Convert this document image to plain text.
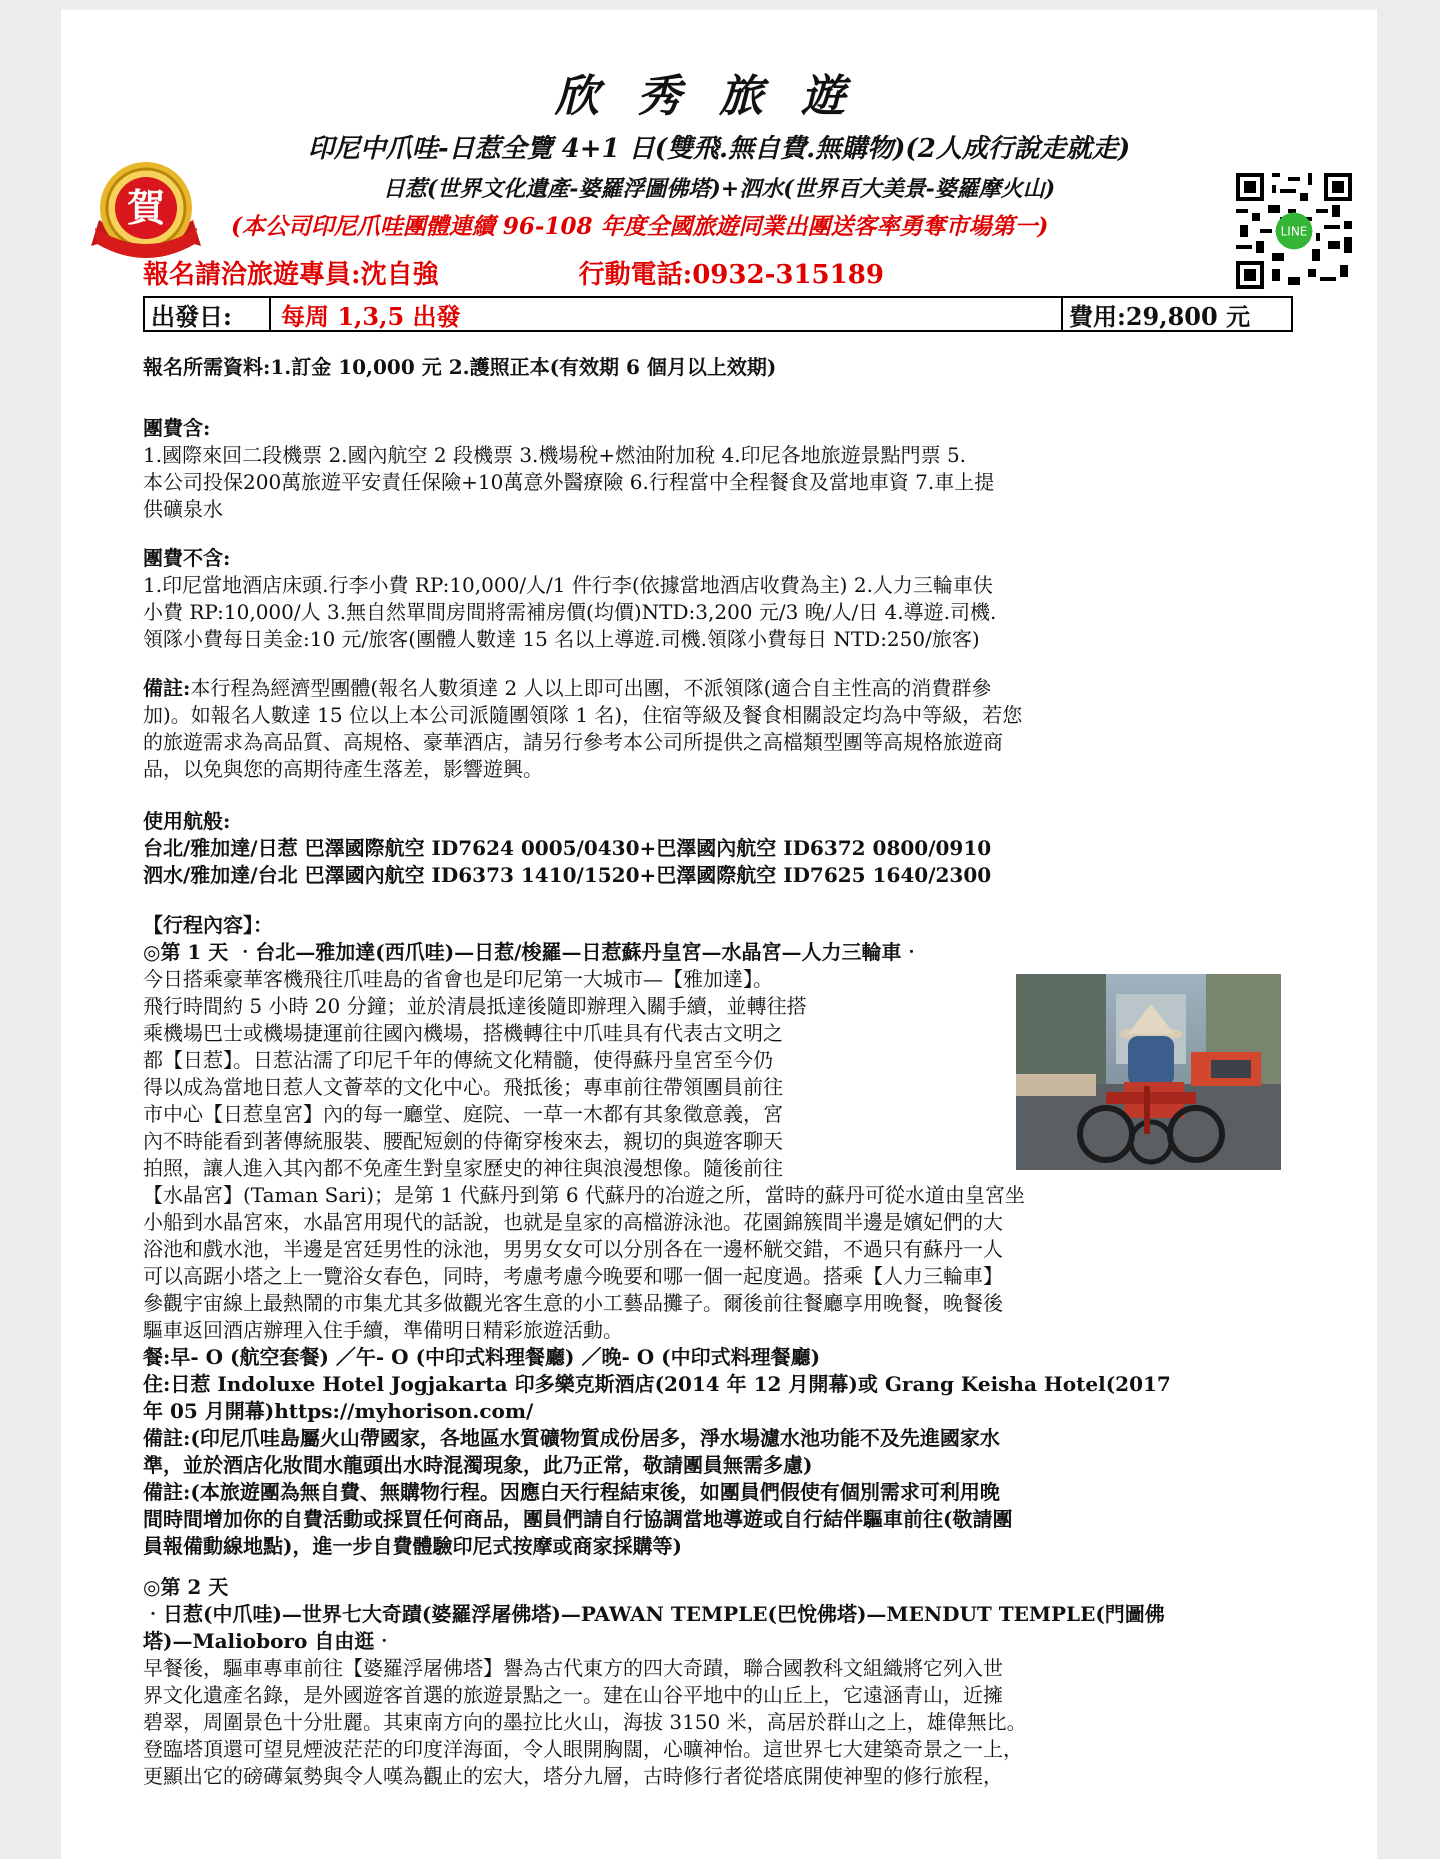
欣秀旅遊
印尼中爪哇-日惹全覽 4+1 日(雙飛.無自費.無購物)(2人成行說走就走)
日惹(世界文化遺產-婆羅浮圖佛塔)+泗水(世界百大美景-婆羅摩火山)
(本公司印尼爪哇團體連續 96-108 年度全國旅遊同業出團送客率勇奪市場第一)
賀
LINE
報名請洽旅遊專員:沈自強	行動電話:0932-315189
出發日:	每周 1,3,5 出發	費用:29,800 元
報名所需資料:1.訂金 10,000 元 2.護照正本(有效期 6 個月以上效期)
團費含:
1.國際來回二段機票 2.國內航空 2 段機票 3.機場稅+燃油附加稅 4.印尼各地旅遊景點門票 5.
本公司投保200萬旅遊平安責任保險+10萬意外醫療險 6.行程當中全程餐食及當地車資 7.車上提
供礦泉水
團費不含:
1.印尼當地酒店床頭.行李小費 RP:10,000/人/1 件行李(依據當地酒店收費為主) 2.人力三輪車伕
小費 RP:10,000/人 3.無自然單間房間將需補房價(均價)NTD:3,200 元/3 晚/人/日 4.導遊.司機.
領隊小費每日美金:10 元/旅客(團體人數達 15 名以上導遊.司機.領隊小費每日 NTD:250/旅客)
備註:本行程為經濟型團體(報名人數須達 2 人以上即可出團，不派領隊(適合自主性高的消費群參
加)。如報名人數達 15 位以上本公司派隨團領隊 1 名)，住宿等級及餐食相關設定均為中等級，若您
的旅遊需求為高品質、高規格、豪華酒店，請另行參考本公司所提供之高檔類型團等高規格旅遊商
品，以免與您的高期待產生落差，影響遊興。
使用航般:
台北/雅加達/日惹 巴澤國際航空 ID7624 0005/0430+巴澤國內航空 ID6372 0800/0910
泗水/雅加達/台北 巴澤國內航空 ID6373 1410/1520+巴澤國際航空 ID7625 1640/2300
【行程內容】：
◎第 1 天 ‧台北—雅加達(西爪哇)—日惹/梭羅—日惹蘇丹皇宮—水晶宮—人力三輪車‧
今日搭乘豪華客機飛往爪哇島的省會也是印尼第一大城市—【雅加達】。
飛行時間約 5 小時 20 分鐘；並於清晨抵達後隨即辦理入關手續，並轉往搭
乘機場巴士或機場捷運前往國內機場，搭機轉往中爪哇具有代表古文明之
都【日惹】。日惹沾濡了印尼千年的傳統文化精髓，使得蘇丹皇宮至今仍
得以成為當地日惹人文薈萃的文化中心。飛抵後；專車前往帶領團員前往
市中心【日惹皇宮】內的每一廳堂、庭院、一草一木都有其象徵意義，宮
內不時能看到著傳統服裝、腰配短劍的侍衛穿梭來去，親切的與遊客聊天
拍照，讓人進入其內都不免產生對皇家歷史的神往與浪漫想像。隨後前往
【水晶宮】(Taman Sari)；是第 1 代蘇丹到第 6 代蘇丹的冶遊之所，當時的蘇丹可從水道由皇宮坐
小船到水晶宮來，水晶宮用現代的話說，也就是皇家的高檔游泳池。花園錦簇間半邊是嬪妃們的大
浴池和戲水池，半邊是宮廷男性的泳池，男男女女可以分別各在一邊杯觥交錯，不過只有蘇丹一人
可以高踞小塔之上一覽浴女春色，同時，考慮考慮今晚要和哪一個一起度過。搭乘【人力三輪車】
參觀宇宙線上最熱鬧的市集尤其多做觀光客生意的小工藝品攤子。爾後前往餐廳享用晚餐，晚餐後
驅車返回酒店辦理入住手續，準備明日精彩旅遊活動。
餐:早- O (航空套餐) ／午- O (中印式料理餐廳) ／晚- O (中印式料理餐廳)
住:日惹 Indoluxe Hotel Jogjakarta 印多樂克斯酒店(2014 年 12 月開幕)或 Grang Keisha Hotel(2017
年 05 月開幕)https://myhorison.com/
備註:(印尼爪哇島屬火山帶國家，各地區水質礦物質成份居多，淨水場濾水池功能不及先進國家水
準，並於酒店化妝間水龍頭出水時混濁現象，此乃正常，敬請團員無需多慮)
備註:(本旅遊團為無自費、無購物行程。因應白天行程結束後，如團員們假使有個別需求可利用晚
間時間增加你的自費活動或採買任何商品，團員們請自行協調當地導遊或自行結伴驅車前往(敬請團
員報備動線地點)，進一步自費體驗印尼式按摩或商家採購等)
◎第 2 天
‧日惹(中爪哇)—世界七大奇蹟(婆羅浮屠佛塔)—PAWAN TEMPLE(巴悅佛塔)—MENDUT TEMPLE(門圖佛
塔)—Malioboro 自由逛‧
早餐後，驅車專車前往【婆羅浮屠佛塔】譽為古代東方的四大奇蹟，聯合國教科文組織將它列入世
界文化遺產名錄，是外國遊客首選的旅遊景點之一。建在山谷平地中的山丘上，它遠涵青山，近擁
碧翠，周圍景色十分壯麗。其東南方向的墨拉比火山，海拔 3150 米，高居於群山之上，雄偉無比。
登臨塔頂還可望見煙波茫茫的印度洋海面，令人眼開胸闊，心曠神怡。這世界七大建築奇景之一上，
更顯出它的磅礡氣勢與令人嘆為觀止的宏大，塔分九層，古時修行者從塔底開使神聖的修行旅程，
